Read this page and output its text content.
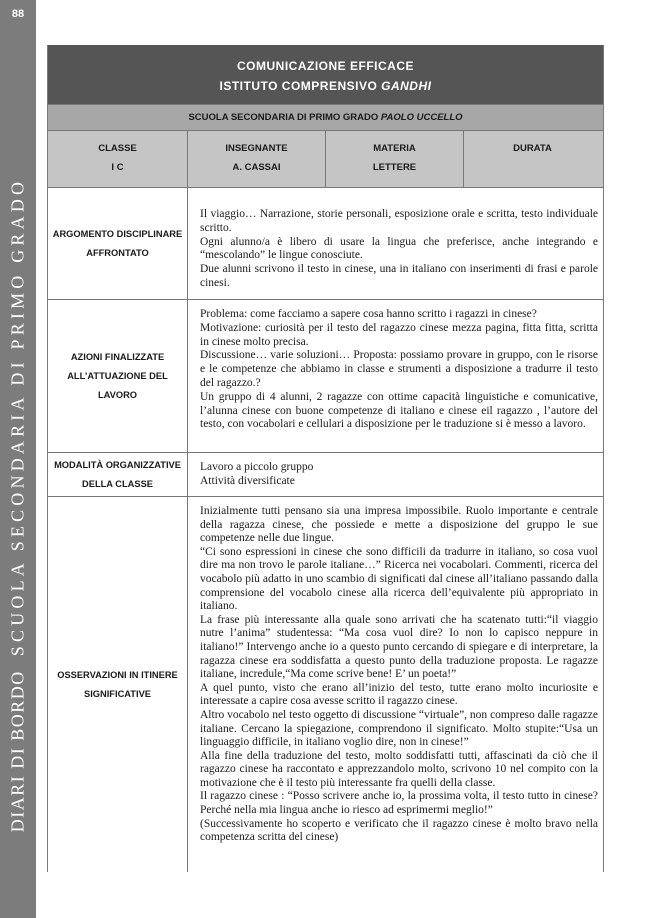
88
DIARI DI BORDOSCUOLA SECONDARIA DI PRIMO GRADO
COMUNICAZIONE EFFICACE
ISTITUTO COMPRENSIVO GANDHI
SCUOLA SECONDARIA DI PRIMO GRADO PAOLO UCCELLO
CLASSE
I C
INSEGNANTE
A. CASSAI
MATERIA
LETTERE
DURATA
ARGOMENTO DISCIPLINARE
AFFRONTATO

Il viaggio… Narrazione, storie personali, esposizione orale e scritta, testo individuale scritto.

Ogni alunno/a è libero di usare la lingua che preferisce, anche integrando e “mescolando” le lingue conosciute.

Due alunni scrivono il testo in cinese, una in italiano con inserimenti di frasi e parole cinesi.

AZIONI FINALIZZATE
ALL’ATTUAZIONE DEL LAVORO

Problema: come facciamo a sapere cosa hanno scritto i ragazzi in cinese?

Motivazione: curiosità per il testo del ragazzo cinese mezza pagina, fitta fitta, scritta in cinese molto precisa.

Discussione… varie soluzioni… Proposta: possiamo provare in gruppo, con le risorse e le competenze che abbiamo in classe e strumenti a disposizione a tradurre il testo del ragazzo.?

Un gruppo di 4 alunni, 2 ragazze con ottime capacità linguistiche e comunicative, l’alunna cinese con buone competenze di italiano e cinese eil ragazzo , l’autore del testo, con vocabolari e cellulari a disposizione per le traduzione si è messo a lavoro.

MODALITÀ ORGANIZZATIVE
DELLA CLASSE

Lavoro a piccolo gruppo

Attività diversificate

OSSERVAZIONI IN ITINERE
SIGNIFICATIVE

Inizialmente tutti pensano sia una impresa impossibile. Ruolo importante e centrale della ragazza cinese, che possiede e mette a disposizione del gruppo le sue competenze nelle due lingue.

“Ci sono espressioni in cinese che sono difficili da tradurre in italiano, so cosa vuol dire ma non trovo le parole italiane…” Ricerca nei vocabolari. Commenti, ricerca del vocabolo più adatto in uno scambio di significati dal cinese all’italiano passando dalla comprensione del vocabolo cinese alla ricerca dell’equivalente più appropriato in italiano.

La frase più interessante alla quale sono arrivati che ha scatenato tutti:“il viaggio nutre l’anima” studentessa: “Ma cosa vuol dire? Io non lo capisco neppure in italiano!” Intervengo anche io a questo punto cercando di spiegare e di interpretare, la ragazza cinese era soddisfatta a questo punto della traduzione proposta. Le ragazze italiane, incredule,“Ma come scrive bene! E’ un poeta!”

A quel punto, visto che erano all’inizio del testo, tutte erano molto incuriosite e interessate a capire cosa avesse scritto il ragazzo cinese.

Altro vocabolo nel testo oggetto di discussione “virtuale”, non compreso dalle ragazze italiane. Cercano la spiegazione, comprendono il significato. Molto stupite:“Usa un linguaggio difficile, in italiano voglio dire, non in cinese!”

Alla fine della traduzione del testo, molto soddisfatti tutti, affascinati da ciò che il ragazzo cinese ha raccontato e apprezzandolo molto, scrivono 10 nel compito con la motivazione che è il testo più interessante fra quelli della classe.

Il ragazzo cinese : “Posso scrivere anche io, la prossima volta, il testo tutto in cinese? Perché nella mia lingua anche io riesco ad esprimermi meglio!”

(Successivamente ho scoperto e verificato che il ragazzo cinese è molto bravo nella competenza scritta del cinese)
